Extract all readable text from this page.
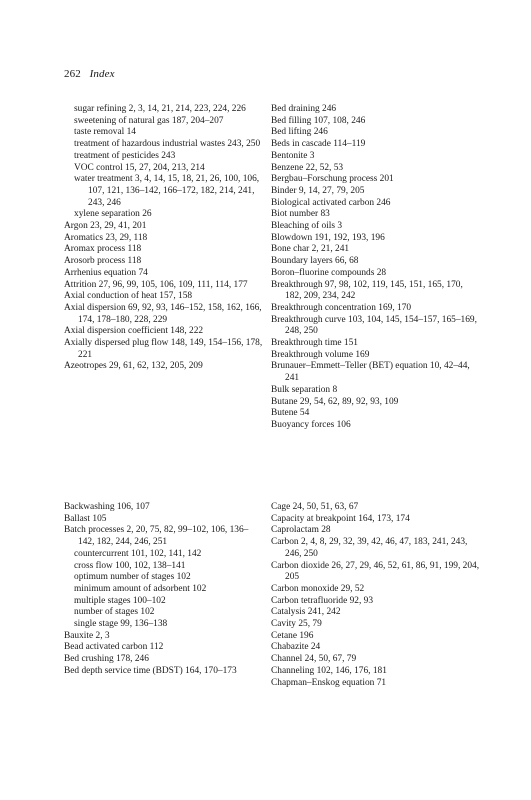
262 Index

sugar refining 2, 3, 14, 21, 214, 223, 224, 226

sweetening of natural gas 187, 204–207

taste removal 14

treatment of hazardous industrial wastes 243, 250

treatment of pesticides 243

VOC control 15, 27, 204, 213, 214

water treatment 3, 4, 14, 15, 18, 21, 26, 100, 106, 107, 121, 136–142, 166–172, 182, 214, 241, 243, 246

xylene separation 26

Argon 23, 29, 41, 201

Aromatics 23, 29, 118

Aromax process 118

Arosorb process 118

Arrhenius equation 74

Attrition 27, 96, 99, 105, 106, 109, 111, 114, 177

Axial conduction of heat 157, 158

Axial dispersion 69, 92, 93, 146–152, 158, 162, 166, 174, 178–180, 228, 229

Axial dispersion coefficient 148, 222

Axially dispersed plug flow 148, 149, 154–156, 178, 221

Azeotropes 29, 61, 62, 132, 205, 209

Bed draining 246

Bed filling 107, 108, 246

Bed lifting 246

Beds in cascade 114–119

Bentonite 3

Benzene 22, 52, 53

Bergbau–Forschung process 201

Binder 9, 14, 27, 79, 205

Biological activated carbon 246

Biot number 83

Bleaching of oils 3

Blowdown 191, 192, 193, 196

Bone char 2, 21, 241

Boundary layers 66, 68

Boron–fluorine compounds 28

Breakthrough 97, 98, 102, 119, 145, 151, 165, 170, 182, 209, 234, 242

Breakthrough concentration 169, 170

Breakthrough curve 103, 104, 145, 154–157, 165–169, 248, 250

Breakthrough time 151

Breakthrough volume 169

Brunauer–Emmett–Teller (BET) equation 10, 42–44, 241

Bulk separation 8

Butane 29, 54, 62, 89, 92, 93, 109

Butene 54

Buoyancy forces 106

Backwashing 106, 107

Ballast 105

Batch processes 2, 20, 75, 82, 99–102, 106, 136–142, 182, 244, 246, 251

countercurrent 101, 102, 141, 142

cross flow 100, 102, 138–141

optimum number of stages 102

minimum amount of adsorbent 102

multiple stages 100–102

number of stages 102

single stage 99, 136–138

Bauxite 2, 3

Bead activated carbon 112

Bed crushing 178, 246

Bed depth service time (BDST) 164, 170–173

Cage 24, 50, 51, 63, 67

Capacity at breakpoint 164, 173, 174

Caprolactam 28

Carbon 2, 4, 8, 29, 32, 39, 42, 46, 47, 183, 241, 243, 246, 250

Carbon dioxide 26, 27, 29, 46, 52, 61, 86, 91, 199, 204, 205

Carbon monoxide 29, 52

Carbon tetrafluoride 92, 93

Catalysis 241, 242

Cavity 25, 79

Cetane 196

Chabazite 24

Channel 24, 50, 67, 79

Channeling 102, 146, 176, 181

Chapman–Enskog equation 71
